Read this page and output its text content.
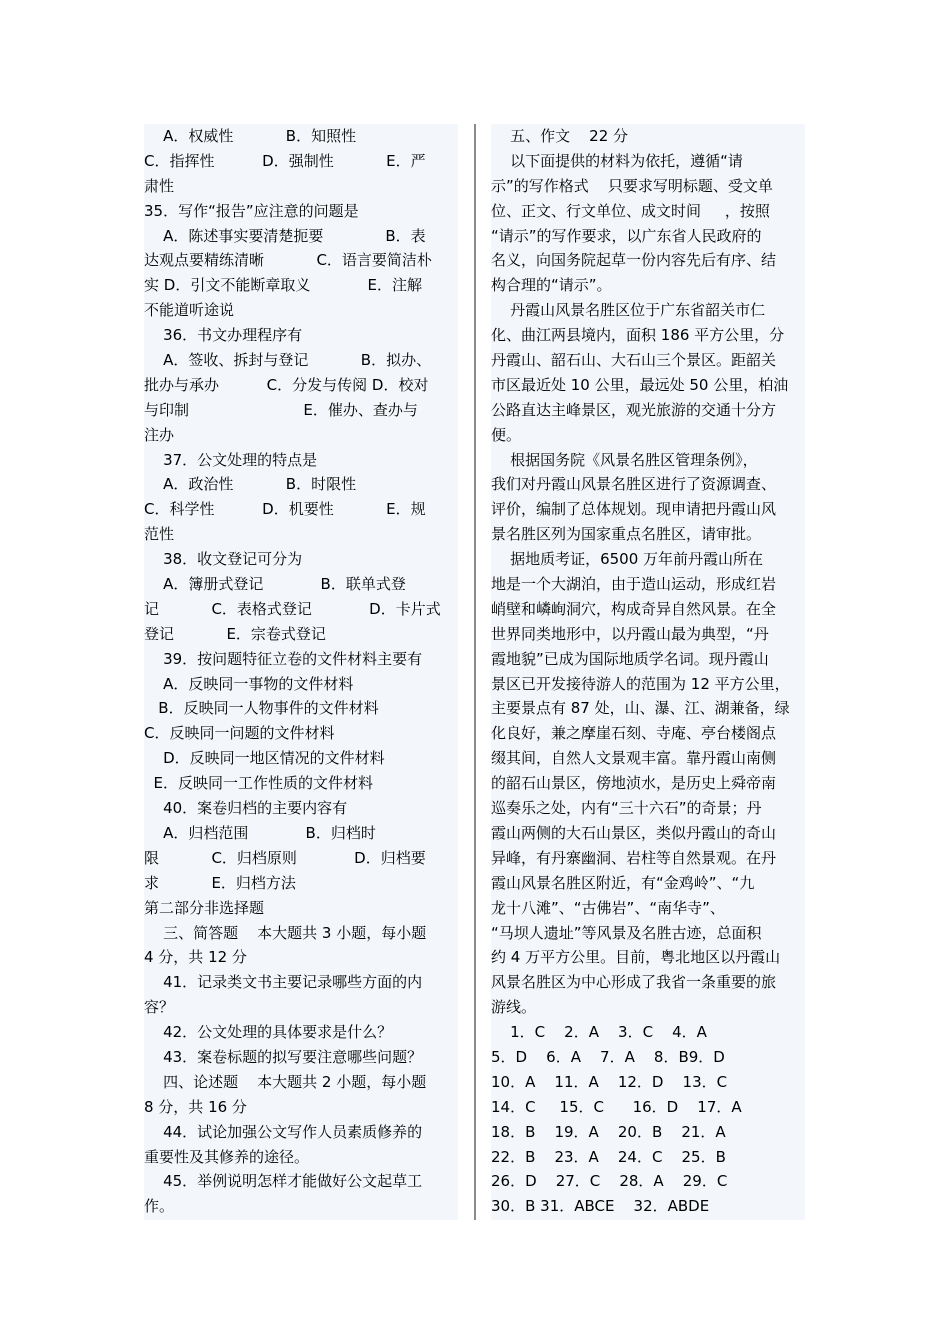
A．权威性           B．知照性
C．指挥性          D．强制性           E．严
肃性
35．写作“报告”应注意的问题是
A．陈述事实要清楚扼要             B．表
达观点要精练清晰           C．语言要简洁朴
实 D．引文不能断章取义            E．注解
不能道听途说
36．书文办理程序有
A．签收、拆封与登记           B．拟办、
批办与承办          C．分发与传阅 D．校对
与印制                        E．催办、查办与
注办
37．公文处理的特点是
A．政治性           B．时限性
C．科学性          D．机要性           E．规
范性
38．收文登记可分为
A．簿册式登记            B．联单式登
记           C．表格式登记            D．卡片式
登记           E．宗卷式登记
39．按问题特征立卷的文件材料主要有
A．反映同一事物的文件材料
B．反映同一人物事件的文件材料
C．反映同一问题的文件材料
D．反映同一地区情况的文件材料
E．反映同一工作性质的文件材料
40．案卷归档的主要内容有
A．归档范围            B．归档时
限           C．归档原则            D．归档要
求           E．归档方法
第二部分非选择题
三、简答题    本大题共 3 小题，每小题
4 分，共 12 分
41．记录类文书主要记录哪些方面的内
容？
42．公文处理的具体要求是什么？
43．案卷标题的拟写要注意哪些问题？
四、论述题    本大题共 2 小题，每小题
8 分，共 16 分
44．试论加强公文写作人员素质修养的
重要性及其修养的途径。
45．举例说明怎样才能做好公文起草工
作。
五、作文    22 分
以下面提供的材料为依托，遵循“请
示”的写作格式    只要求写明标题、受文单
位、正文、行文单位、成文时间     ，按照
“请示”的写作要求，以广东省人民政府的
名义，向国务院起草一份内容先后有序、结
构合理的“请示”。
丹霞山风景名胜区位于广东省韶关市仁
化、曲江两县境内，面积 186 平方公里，分
丹霞山、韶石山、大石山三个景区。距韶关
市区最近处 10 公里，最远处 50 公里，柏油
公路直达主峰景区，观光旅游的交通十分方
便。
根据国务院《风景名胜区管理条例》，
我们对丹霞山风景名胜区进行了资源调查、
评价，编制了总体规划。现申请把丹霞山风
景名胜区列为国家重点名胜区，请审批。
据地质考证，6500 万年前丹霞山所在
地是一个大湖泊，由于造山运动，形成红岩
峭壁和嶙峋洞穴，构成奇异自然风景。在全
世界同类地形中，以丹霞山最为典型，“丹
霞地貌”已成为国际地质学名词。现丹霞山
景区已开发接待游人的范围为 12 平方公里，
主要景点有 87 处，山、瀑、江、湖兼备，绿
化良好，兼之摩崖石刻、寺庵、亭台楼阁点
缀其间，自然人文景观丰富。靠丹霞山南侧
的韶石山景区，傍地浈水，是历史上舜帝南
巡奏乐之处，内有“三十六石”的奇景；丹
霞山两侧的大石山景区，类似丹霞山的奇山
异峰，有丹寨幽洞、岩柱等自然景观。在丹
霞山风景名胜区附近，有“金鸡岭”、“九
龙十八滩”、“古佛岩”、“南华寺”、
“马坝人遗址”等风景及名胜古迹，总面积
约 4 万平方公里。目前，粤北地区以丹霞山
风景名胜区为中心形成了我省一条重要的旅
游线。
1．C    2．A    3．C    4．A
5．D    6．A    7．A    8．B9．D
10．A    11．A    12．D    13．C
14．C     15．C      16．D    17．A
18．B    19．A    20．B    21．A
22．B    23．A    24．C    25．B
26．D    27．C    28．A    29．C
30．B 31．ABCE    32．ABDE
